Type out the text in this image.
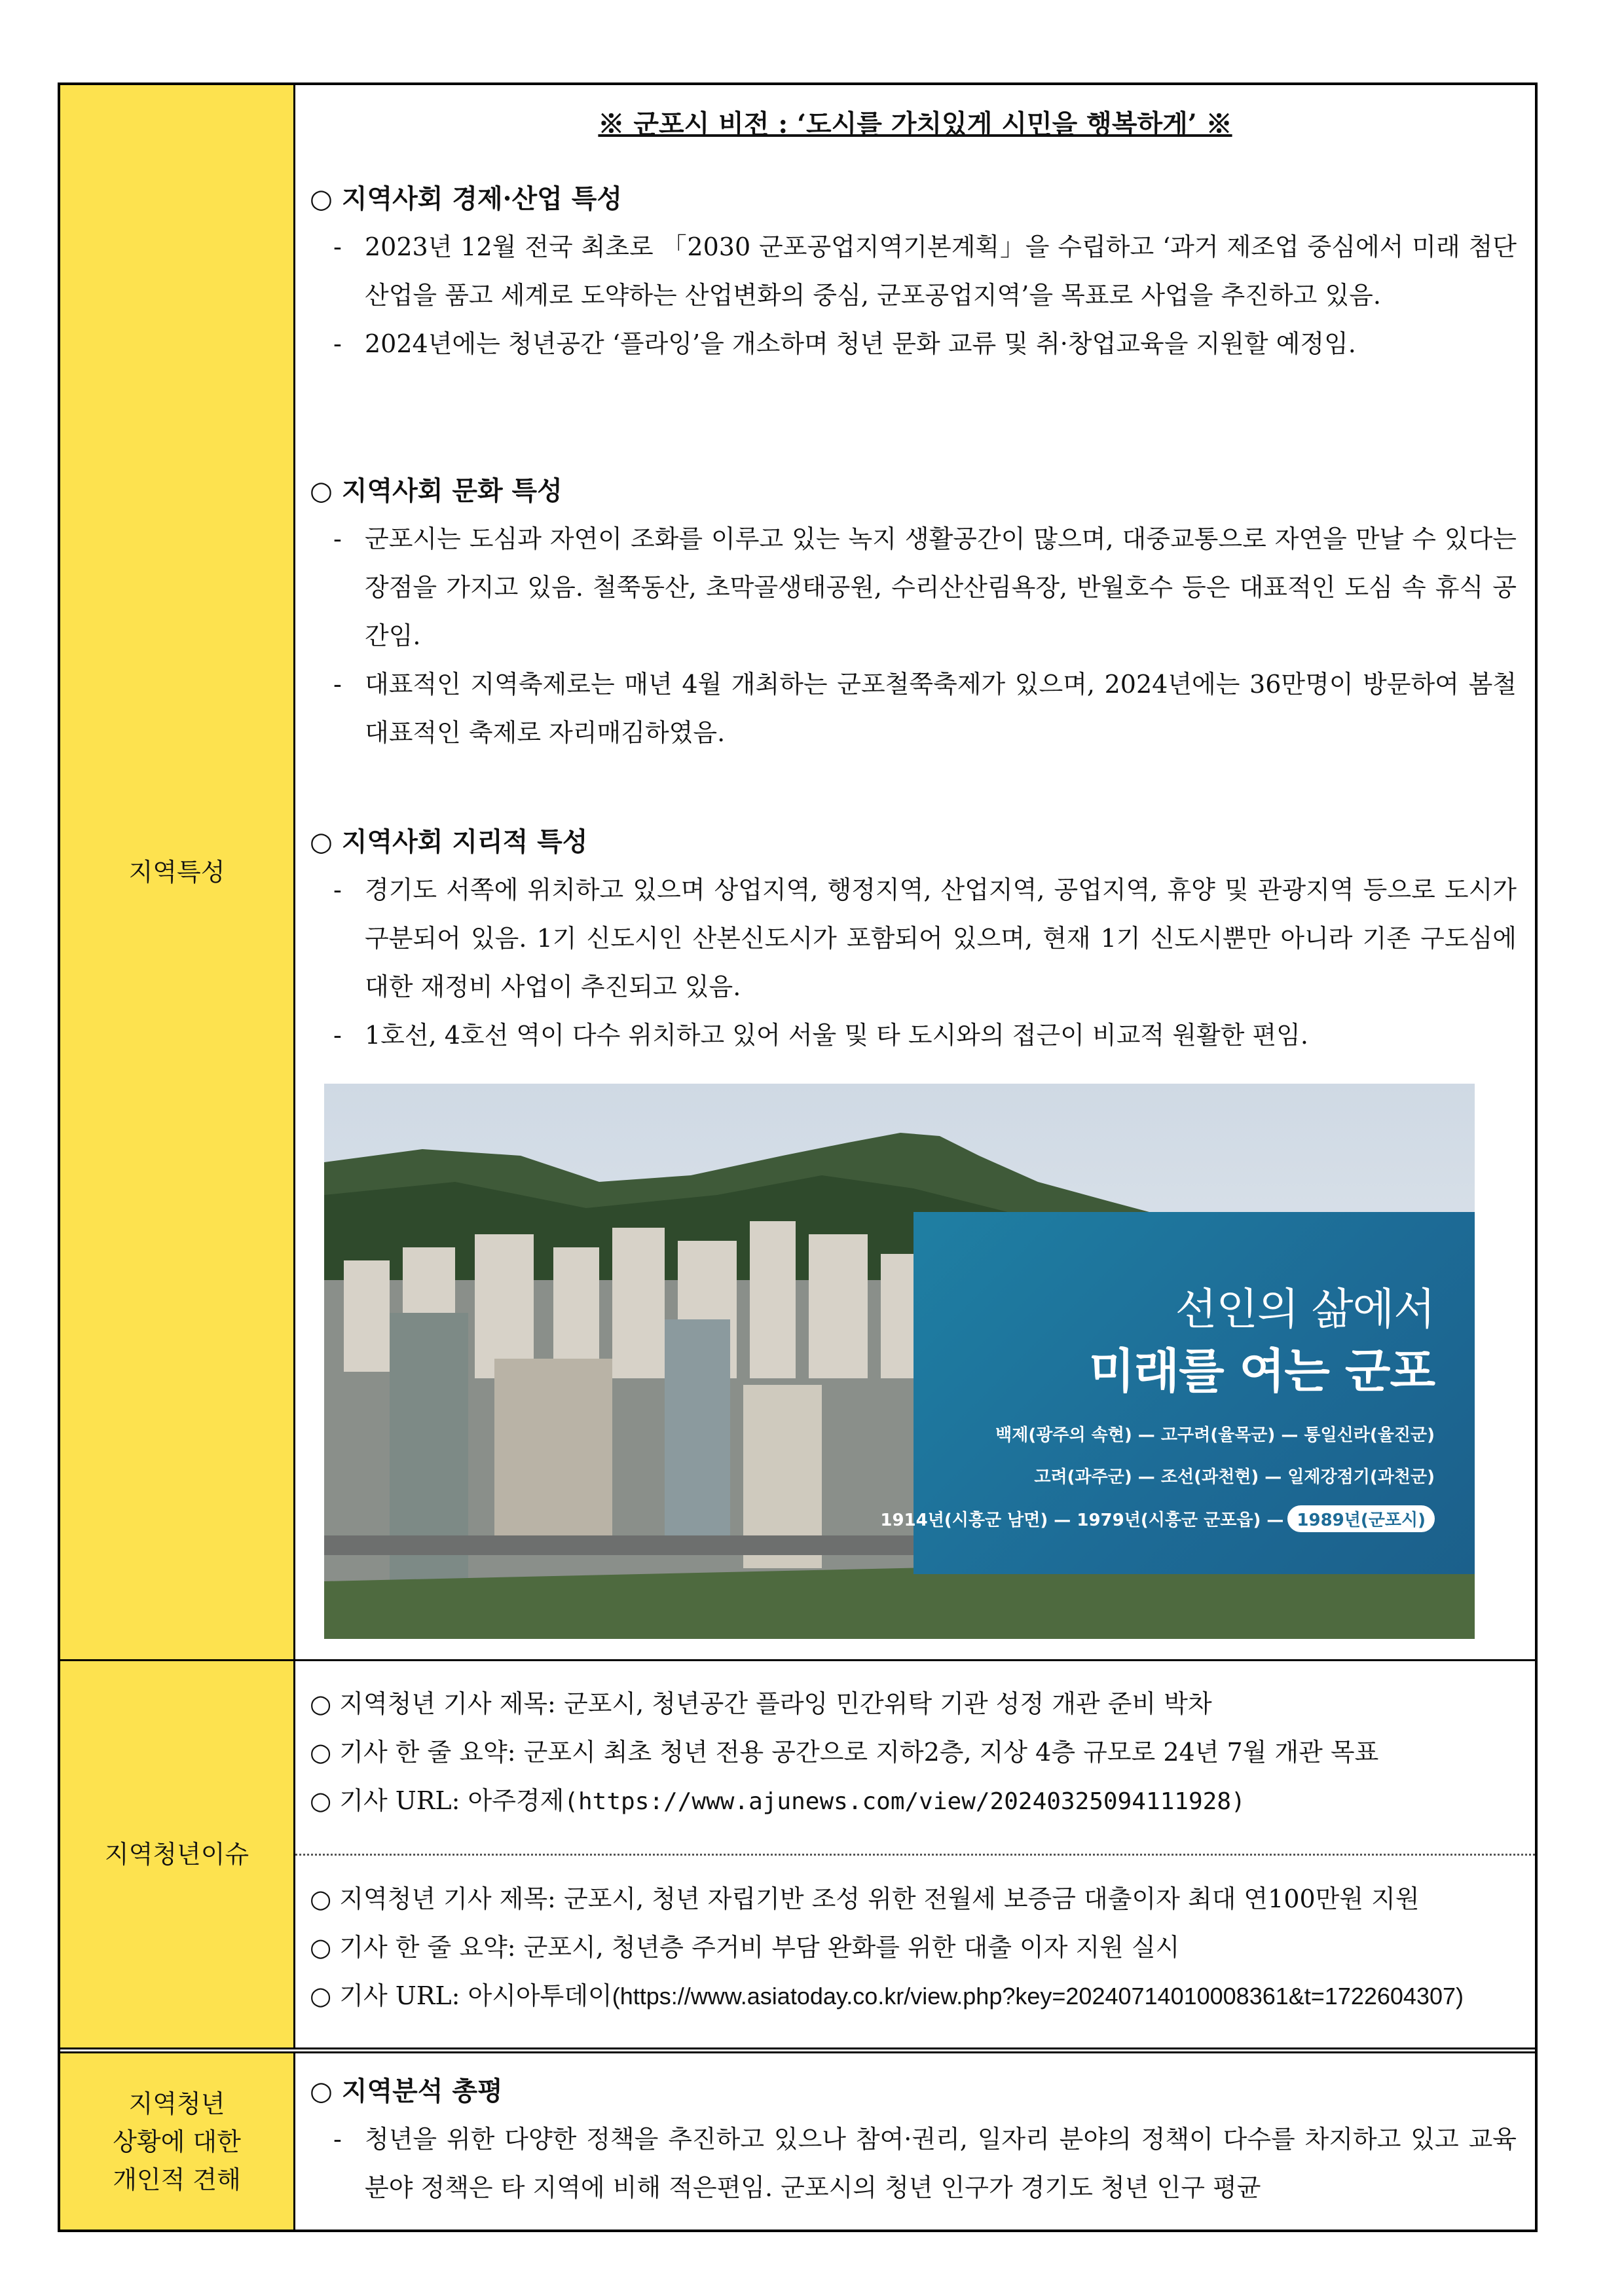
지역특성
※ 군포시 비전 : ‘도시를 가치있게 시민을 행복하게’ ※
○ 지역사회 경제·산업 특성
- 2023년 12월 전국 최초로 「2030 군포공업지역기본계획」을 수립하고 ‘과거 제조업 중심에서 미래 첨단산업을 품고 세계로 도약하는 산업변화의 중심, 군포공업지역’을 목표로 사업을 추진하고 있음.
- 2024년에는 청년공간 ‘플라잉’을 개소하며 청년 문화 교류 및 취·창업교육을 지원할 예정임.
○ 지역사회 문화 특성
- 군포시는 도심과 자연이 조화를 이루고 있는 녹지 생활공간이 많으며, 대중교통으로 자연을 만날 수 있다는 장점을 가지고 있음. 철쭉동산, 초막골생태공원, 수리산산림욕장, 반월호수 등은 대표적인 도심 속 휴식 공간임.
- 대표적인 지역축제로는 매년 4월 개최하는 군포철쭉축제가 있으며, 2024년에는 36만명이 방문하여 봄철 대표적인 축제로 자리매김하였음.
○ 지역사회 지리적 특성
- 경기도 서쪽에 위치하고 있으며 상업지역, 행정지역, 산업지역, 공업지역, 휴양 및 관광지역 등으로 도시가 구분되어 있음. 1기 신도시인 산본신도시가 포함되어 있으며, 현재 1기 신도시뿐만 아니라 기존 구도심에 대한 재정비 사업이 추진되고 있음.
- 1호선, 4호선 역이 다수 위치하고 있어 서울 및 타 도시와의 접근이 비교적 원활한 편임.
선인의 삶에서
미래를 여는 군포
백제(광주의 속현) — 고구려(율목군) — 통일신라(율진군)
고려(과주군) — 조선(과천현) — 일제강점기(과천군)
1914년(시흥군 남면) — 1979년(시흥군 군포읍) — 1989년(군포시)
지역청년이슈
○ 지역청년 기사 제목: 군포시, 청년공간 플라잉 민간위탁 기관 성정 개관 준비 박차
○ 기사 한 줄 요약: 군포시 최초 청년 전용 공간으로 지하2층, 지상 4층 규모로 24년 7월 개관 목표
○ 기사 URL: 아주경제(https://www.ajunews.com/view/20240325094111928)
○ 지역청년 기사 제목: 군포시, 청년 자립기반 조성 위한 전월세 보증금 대출이자 최대 연100만원 지원
○ 기사 한 줄 요약: 군포시, 청년층 주거비 부담 완화를 위한 대출 이자 지원 실시
○ 기사 URL: 아시아투데이(https://www.asiatoday.co.kr/view.php?key=20240714010008361&t=1722604307)
지역청년
상황에 대한
개인적 견해
○ 지역분석 총평
- 청년을 위한 다양한 정책을 추진하고 있으나 참여·권리, 일자리 분야의 정책이 다수를 차지하고 있고 교육분야 정책은 타 지역에 비해 적은편임. 군포시의 청년 인구가 경기도 청년 인구 평균
